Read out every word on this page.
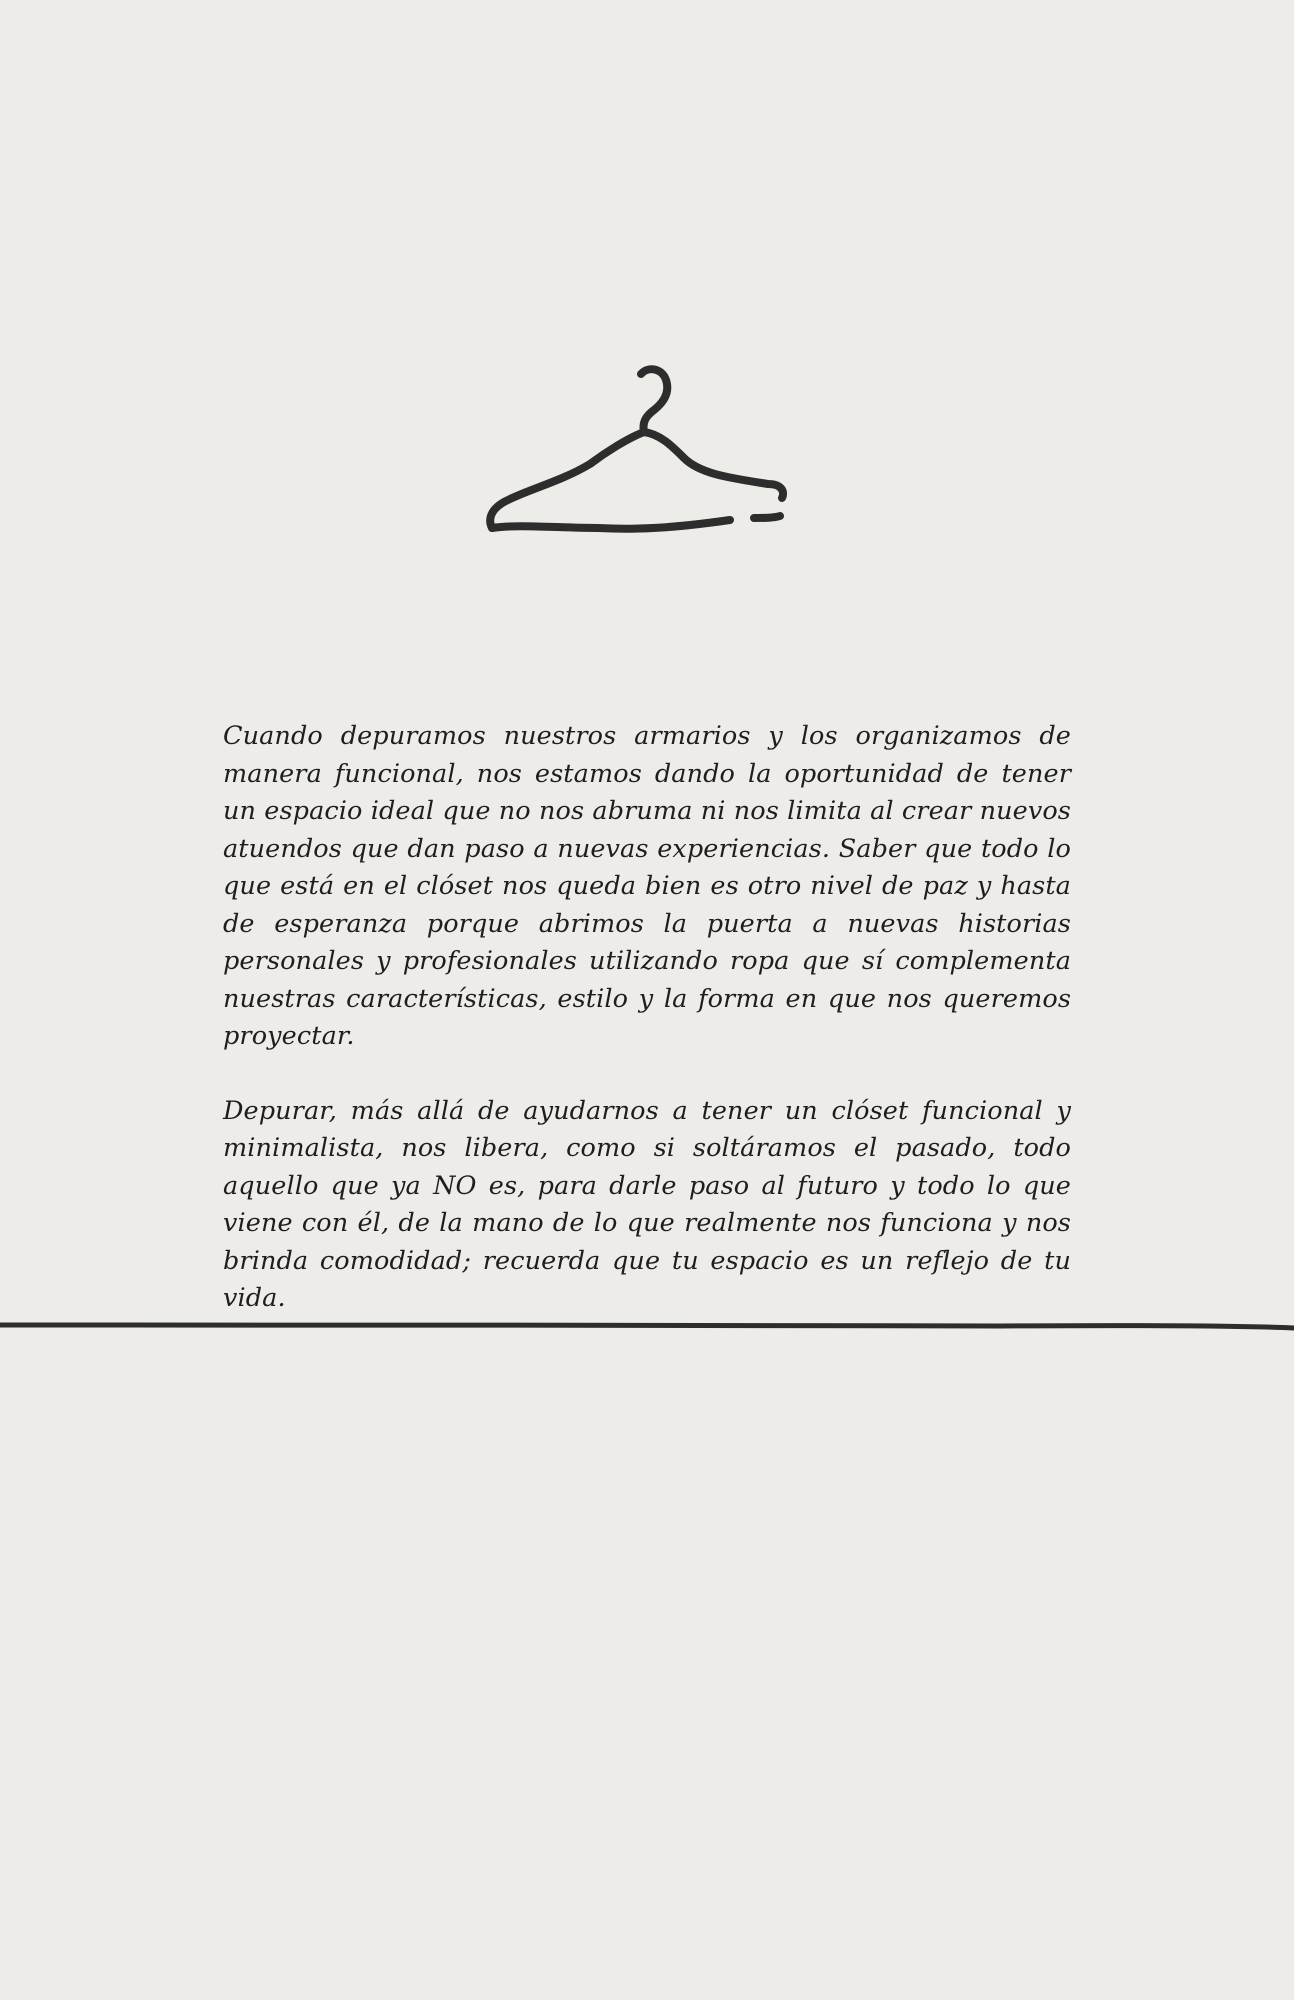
Cuando depuramos nuestros armarios y los organizamos de manera funcional, nos estamos dando la oportunidad de tener un espacio ideal que no nos abruma ni nos limita al crear nuevos atuendos que dan paso a nuevas experiencias. Saber que todo lo que está en el clóset nos queda bien es otro nivel de paz y hasta de esperanza porque abrimos la puerta a nuevas historias personales y profesionales utilizando ropa que sí complementa nuestras características, estilo y la forma en que nos queremos proyectar.

Depurar, más allá de ayudarnos a tener un clóset funcional y minimalista, nos libera, como si soltáramos el pasado, todo aquello que ya NO es, para darle paso al futuro y todo lo que viene con él, de la mano de lo que realmente nos funciona y nos brinda comodidad; recuerda que tu espacio es un reflejo de tu vida.
